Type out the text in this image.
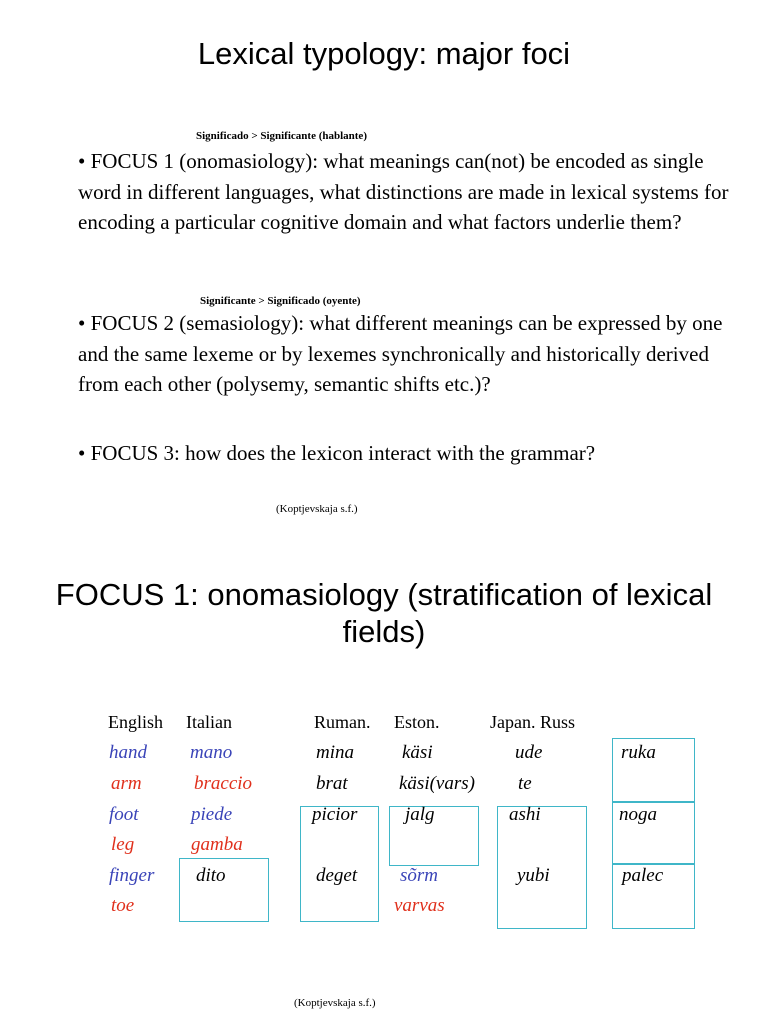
Lexical typology: major foci
Significado > Significante (hablante)
• FOCUS 1 (onomasiology): what meanings can(not) be encoded as single word in different languages, what distinctions are made in lexical systems for encoding a particular cognitive domain and what factors underlie them?
Significante > Significado (oyente)
• FOCUS 2 (semasiology): what different meanings can be expressed by one and the same lexeme or by lexemes synchronically and historically derived from each other (polysemy, semantic shifts etc.)?
• FOCUS 3: how does the lexicon interact with the grammar?
(Koptjevskaja s.f.)
FOCUS 1: onomasiology (stratification of lexical fields)
English Italian	Ruman. Eston.	Japan. Russ
hand
arm
foot
leg
finger
toe
mano
braccio
piede
gamba
dito
mina
brat
picior
deget
käsi
käsi(vars)
jalg
sõrm
varvas
ude
te
ashi
yubi
ruka
noga
palec
(Koptjevskaja s.f.)
